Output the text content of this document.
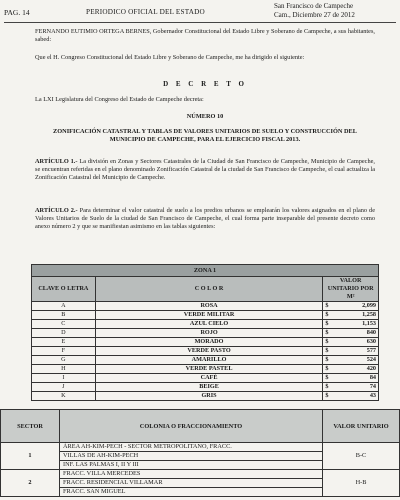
PAG. 14	PERIODICO OFICIAL DEL ESTADO
San Francisco de Campeche
Cam., Diciembre 27 de 2012
FERNANDO EUTIMIO ORTEGA BERNES, Gobernador Constitucional del Estado Libre y Soberano de Campeche, a sus habitantes, sabed:
Que el H. Congreso Constitucional del Estado Libre y Soberano de Campeche, me ha dirigido el siguiente:
D E C R E T O
La LXI Legislatura del Congreso del Estado de Campeche decreta:
NÚMERO 10
ZONIFICACIÓN CATASTRAL Y TABLAS DE VALORES UNITARIOS DE SUELO Y CONSTRUCCIÓN DEL MUNICIPIO DE CAMPECHE, PARA EL EJERCICIO FISCAL 2013.
ARTÍCULO 1.- La división en Zonas y Sectores Catastrales de la Ciudad de San Francisco de Campeche, Municipio de Campeche, se encuentran referidas en el plano denominado Zonificación Catastral de la ciudad de San Francisco de Campeche, el cual actualiza la Zonificación Catastral del Municipio de Campeche.
ARTÍCULO 2.- Para determinar el valor catastral de suelo a los predios urbanos se emplearán los valores asignados en el plano de Valores Unitarios de Suelo de la ciudad de San Francisco de Campeche, el cual forma parte inseparable del presente decreto como anexo número 2 y que se manifiestan asimismo en las tablas siguientes:
ZONA 1		
CLAVE O LETRA	C O L O R	VALOR UNITARIO POR M²
A	ROSA	$ 2,099

B	VERDE MILITAR	$ 1,258

C	AZUL CIELO	$ 1,153

D	ROJO	$ 840

E	MORADO	$ 630

F	VERDE PASTO	$ 577

G	AMARILLO	$ 524

H	VERDE PASTEL	$ 420

I	CAFÉ	$ 84

J	BEIGE	$ 74

K	GRIS	$ 43
SECTOR	COLONIA O FRACCIONAMIENTO	VALOR UNITARIO
1	ÁREA AH-KIM-PECH - SECTOR METROPOLITANO, FRACC.	B-C
	VILLAS DE AH-KIM-PECH	
	INF. LAS PALMAS I, II Y III	
2	FRACC. VILLA MERCEDES	H-B
	FRACC. RESIDENCIAL VILLAMAR	
	FRACC. SAN MIGUEL	
